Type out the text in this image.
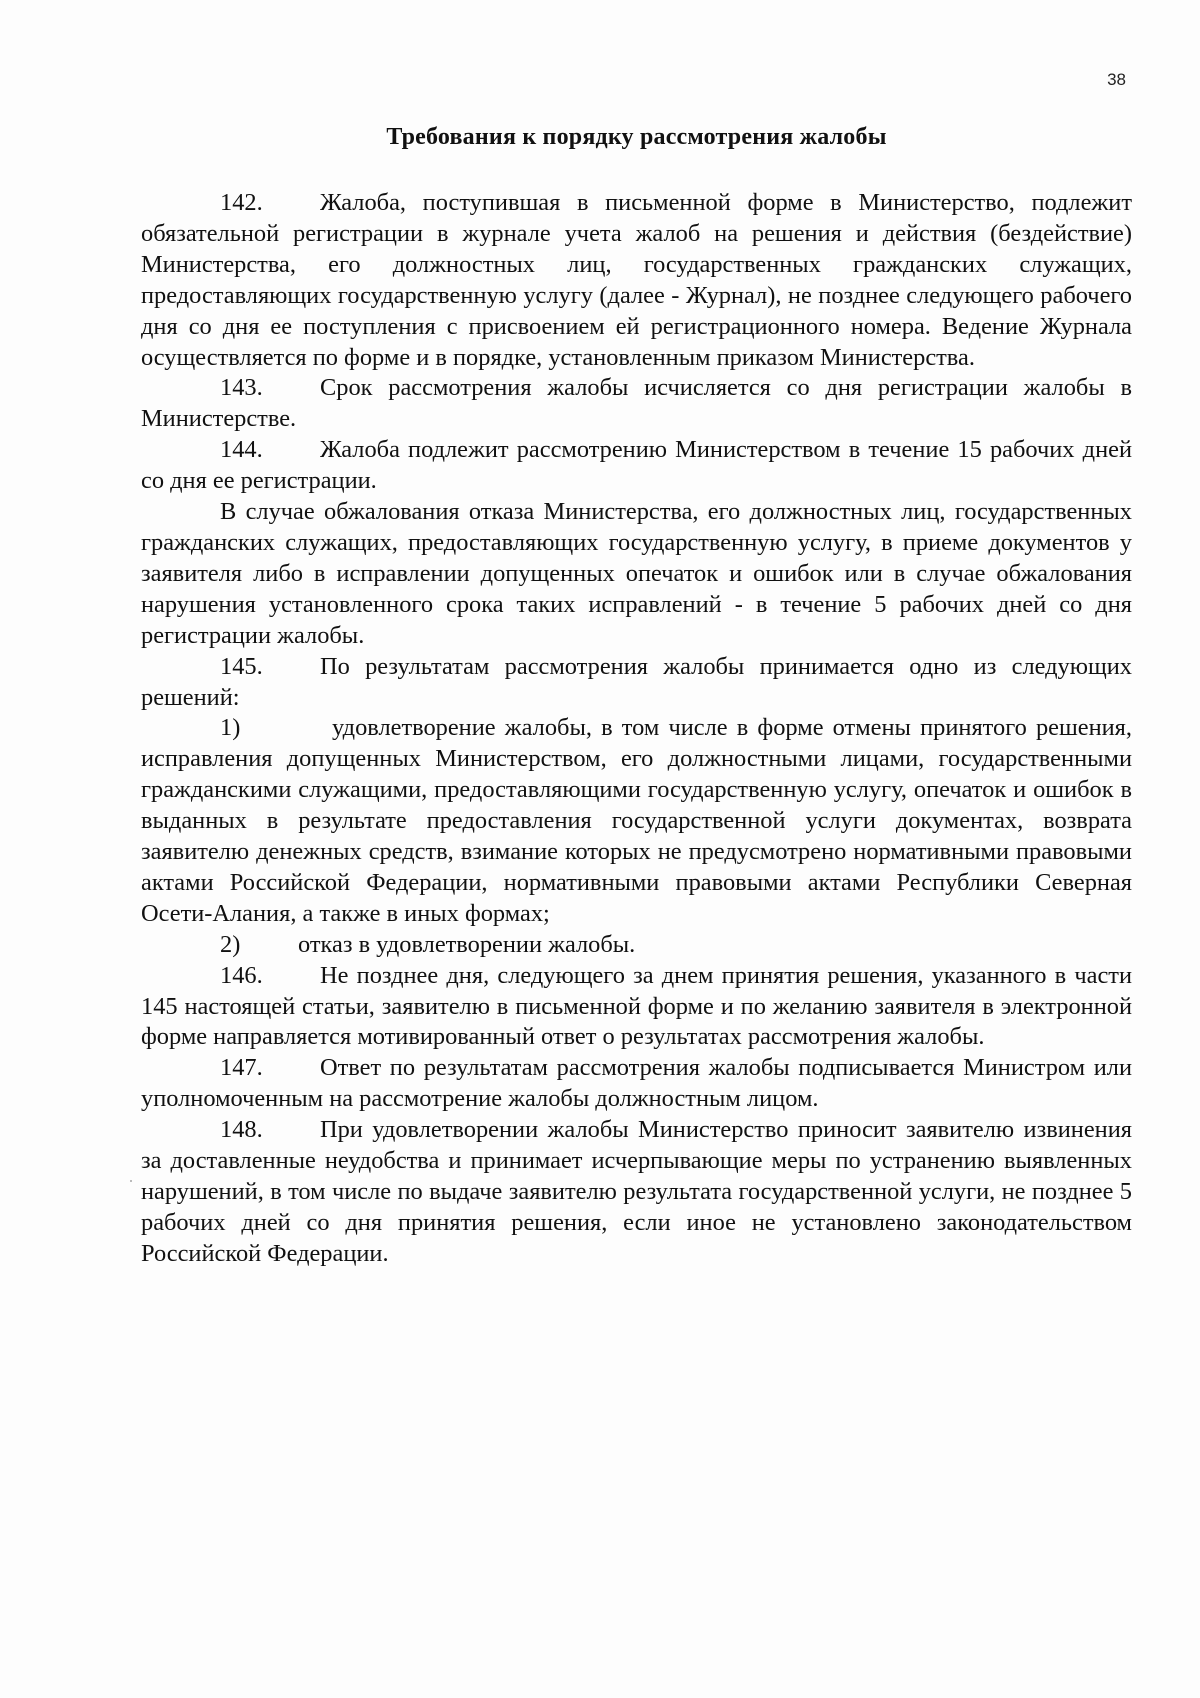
38
Требования к порядку рассмотрения жалобы

142. Жалоба, поступившая в письменной форме в Министерство, подлежит обязательной регистрации в журнале учета жалоб на решения и действия (бездействие) Министерства, его должностных лиц, государственных гражданских служащих, предоставляющих государственную услугу (далее - Журнал), не позднее следующего рабочего дня со дня ее поступления с присвоением ей регистрационного номера. Ведение Журнала осуществляется по форме и в порядке, установленным приказом Министерства.

143. Срок рассмотрения жалобы исчисляется со дня регистрации жалобы в Министерстве.

144. Жалоба подлежит рассмотрению Министерством в течение 15 рабочих дней со дня ее регистрации.

В случае обжалования отказа Министерства, его должностных лиц, государственных гражданских служащих, предоставляющих государственную услугу, в приеме документов у заявителя либо в исправлении допущенных опечаток и ошибок или в случае обжалования нарушения установленного срока таких исправлений - в течение 5 рабочих дней со дня регистрации жалобы.

145. По результатам рассмотрения жалобы принимается одно из следующих решений:

1)	удовлетворение жалобы, в том числе в форме отмены принятого решения, исправления допущенных Министерством, его должностными лицами, государственными гражданскими служащими, предоставляющими государственную услугу, опечаток и ошибок в выданных в результате предоставления государственной услуги документах, возврата заявителю денежных средств, взимание которых не предусмотрено нормативными правовыми актами Российской Федерации, нормативными правовыми актами Республики Северная Осети-Алания, а также в иных формах;

2) отказ в удовлетворении жалобы.

146. Не позднее дня, следующего за днем принятия решения, указанного в части 145 настоящей статьи, заявителю в письменной форме и по желанию заявителя в электронной форме направляется мотивированный ответ о результатах рассмотрения жалобы.

147. Ответ по результатам рассмотрения жалобы подписывается Министром или уполномоченным на рассмотрение жалобы должностным лицом.

148. При удовлетворении жалобы Министерство приносит заявителю извинения за доставленные неудобства и принимает исчерпывающие меры по устранению выявленных нарушений, в том числе по выдаче заявителю результата государственной услуги, не позднее 5 рабочих дней со дня принятия решения, если иное не установлено законодательством Российской Федерации.
